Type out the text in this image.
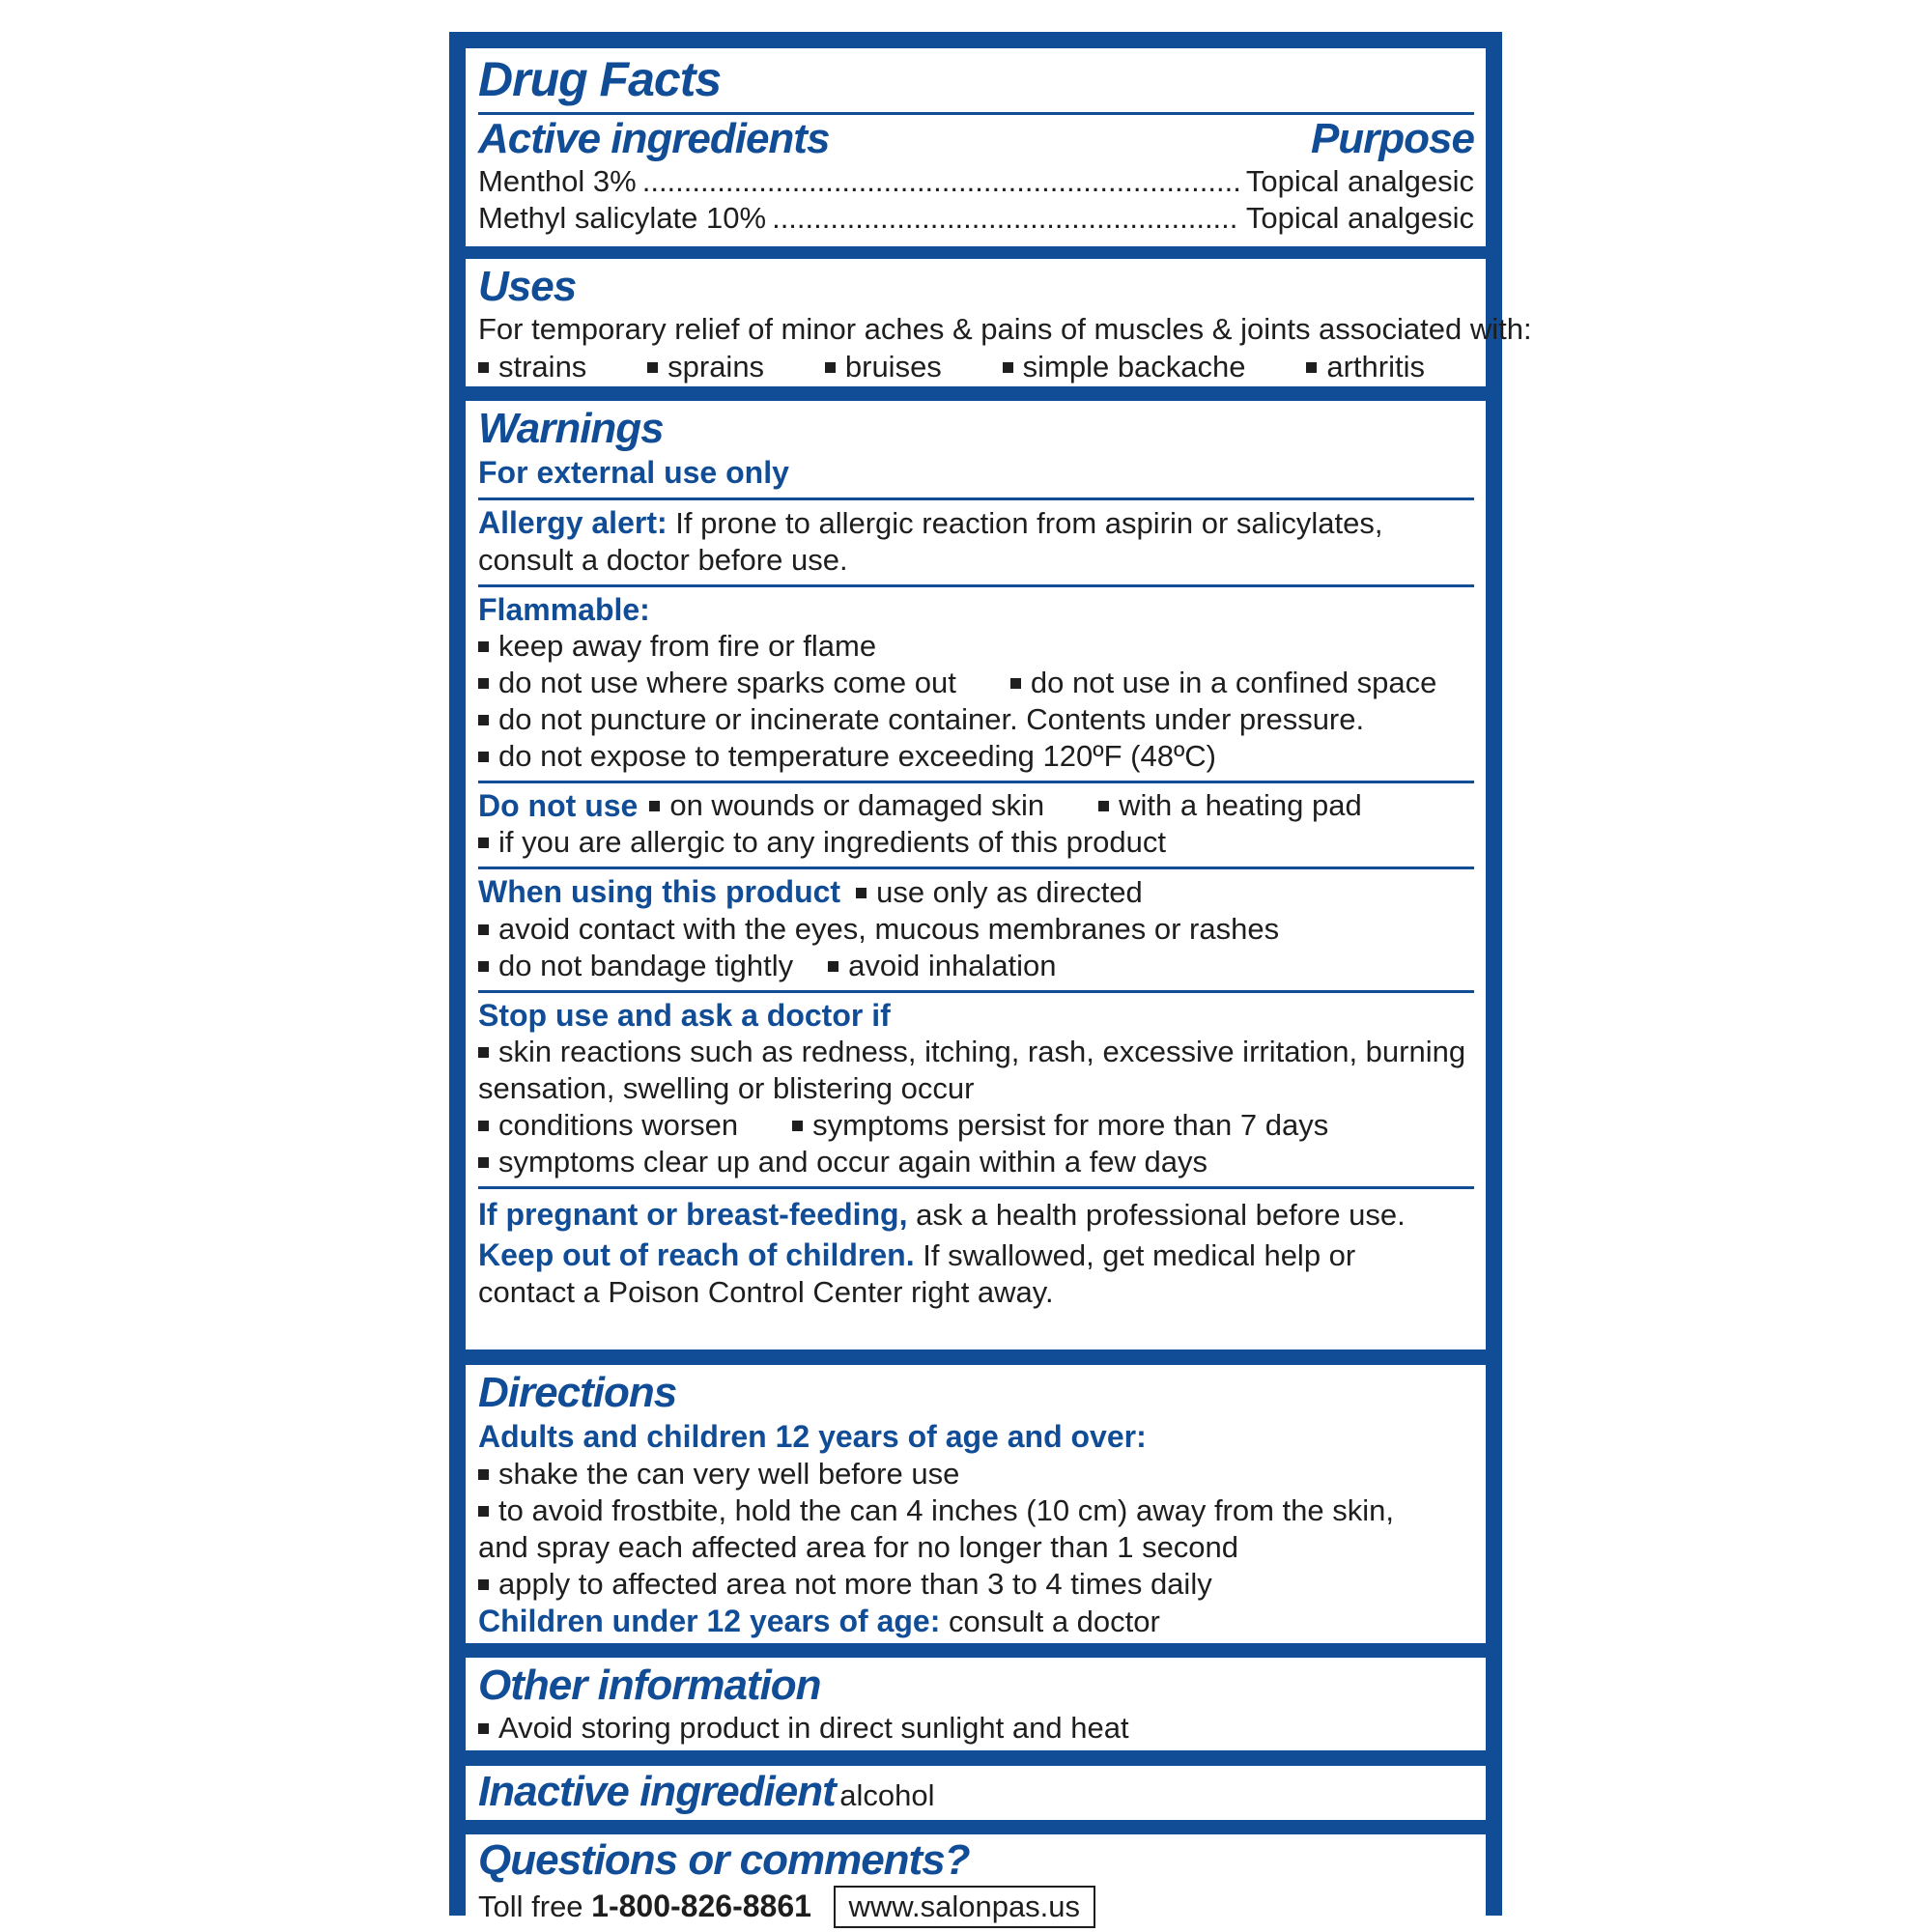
Drug Facts
Active ingredients	Purpose
Menthol 3% .....	Topical analgesic
Methyl salicylate 10% .....	Topical analgesic
Uses
For temporary relief of minor aches & pains of muscles & joints associated with:
strains	sprains	bruises	simple backache	arthritis
Warnings
For external use only
Allergy alert: If prone to allergic reaction from aspirin or salicylates,
consult a doctor before use.
Flammable:
keep away from fire or flame
do not use where sparks come out	do not use in a confined space
do not puncture or incinerate container. Contents under pressure.
do not expose to temperature exceeding 120ºF (48ºC)
Do not use	on wounds or damaged skin	with a heating pad
if you are allergic to any ingredients of this product
When using this product use only as directed
avoid contact with the eyes, mucous membranes or rashes
do not bandage tightly	avoid inhalation
Stop use and ask a doctor if
skin reactions such as redness, itching, rash, excessive irritation, burning
sensation, swelling or blistering occur
conditions worsen	symptoms persist for more than 7 days
symptoms clear up and occur again within a few days
If pregnant or breast-feeding, ask a health professional before use.
Keep out of reach of children. If swallowed, get medical help or
contact a Poison Control Center right away.
Directions
Adults and children 12 years of age and over:
shake the can very well before use
to avoid frostbite, hold the can 4 inches (10 cm) away from the skin,
and spray each affected area for no longer than 1 second
apply to affected area not more than 3 to 4 times daily
Children under 12 years of age: consult a doctor
Other information
Avoid storing product in direct sunlight and heat
Inactive ingredient alcohol
Questions or comments?
Toll free 1-800-826-8861 www.salonpas.us
